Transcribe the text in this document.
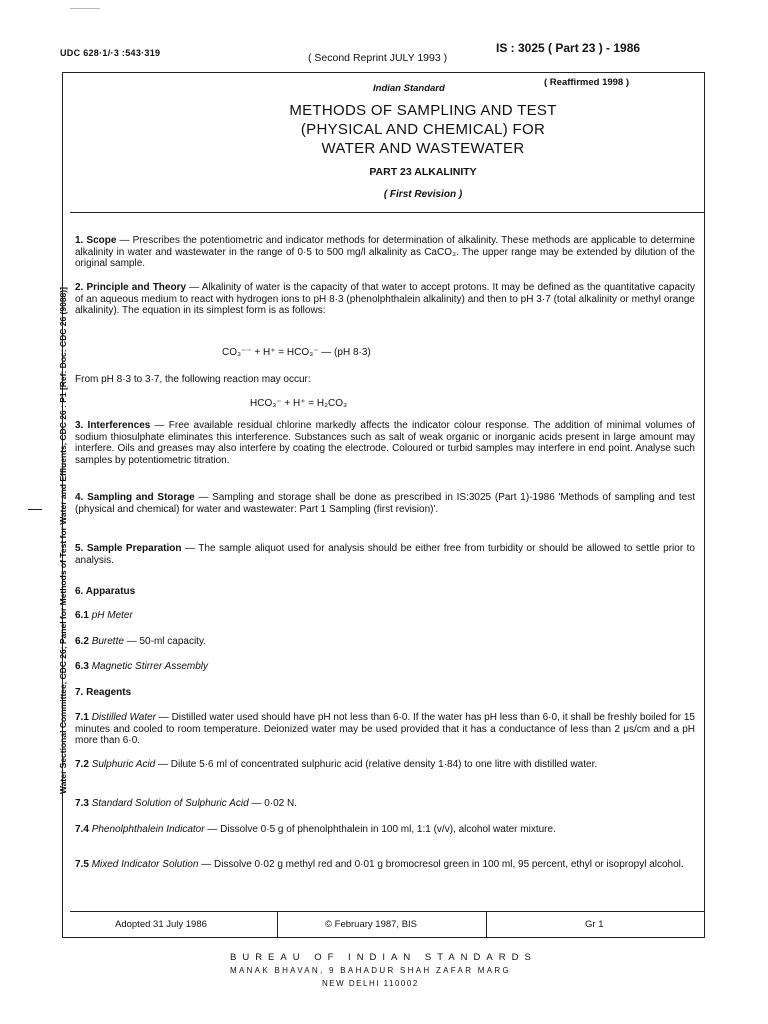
UDC 628·1/·3 :543·319	( Second Reprint JULY 1993 )
IS : 3025 ( Part 23 ) - 1986
Water Sectional Committee, CDC 26; Panel for Methods of Test for Water and Effluents, CDC 26 : P1 [Ref: Doc: CDC 26 (9088)]
Indian Standard
( Reaffirmed 1998 )
METHODS OF SAMPLING AND TEST
(PHYSICAL AND CHEMICAL) FOR
WATER AND WASTEWATER
PART 23 ALKALINITY
( First Revision )
1. Scope — Prescribes the potentiometric and indicator methods for determination of alkalinity. These methods are applicable to determine alkalinity in water and wastewater in the range of 0·5 to 500 mg/l alkalinity as CaCO₃. The upper range may be extended by dilution of the original sample.
2. Principle and Theory — Alkalinity of water is the capacity of that water to accept protons. It may be defined as the quantitative capacity of an aqueous medium to react with hydrogen ions to pH 8·3 (phenolphthalein alkalinity) and then to pH 3·7 (total alkalinity or methyl orange alkalinity). The equation in its simplest form is as follows:
CO₃⁻⁻ + H⁺ = HCO₃⁻ — (pH 8·3)
From pH 8·3 to 3·7, the following reaction may occur:
HCO₃⁻ + H⁺ = H₂CO₃
3. Interferences — Free available residual chlorine markedly affects the indicator colour response. The addition of minimal volumes of sodium thiosulphate eliminates this interference. Substances such as salt of weak organic or inorganic acids present in large amount may interfere. Oils and greases may also interfere by coating the electrode. Coloured or turbid samples may interfere in end point. Analyse such samples by potentiometric titration.
4. Sampling and Storage — Sampling and storage shall be done as prescribed in IS:3025 (Part 1)-1986 'Methods of sampling and test (physical and chemical) for water and wastewater: Part 1 Sampling (first revision)'.
5. Sample Preparation — The sample aliquot used for analysis should be either free from turbidity or should be allowed to settle prior to analysis.
6. Apparatus
6.1 pH Meter
6.2 Burette — 50-ml capacity.
6.3 Magnetic Stirrer Assembly
7. Reagents
7.1 Distilled Water — Distilled water used should have pH not less than 6·0. If the water has pH less than 6·0, it shall be freshly boiled for 15 minutes and cooled to room temperature. Deionized water may be used provided that it has a conductance of less than 2 μs/cm and a pH more than 6·0.
7.2 Sulphuric Acid — Dilute 5·6 ml of concentrated sulphuric acid (relative density 1·84) to one litre with distilled water.
7.3 Standard Solution of Sulphuric Acid — 0·02 N.
7.4 Phenolphthalein Indicator — Dissolve 0·5 g of phenolphthalein in 100 ml, 1:1 (v/v), alcohol water mixture.
7.5 Mixed Indicator Solution — Dissolve 0·02 g methyl red and 0·01 g bromocresol green in 100 ml, 95 percent, ethyl or isopropyl alcohol.
Adopted 31 July 1986	© February 1987, BIS	Gr 1
BUREAU OF INDIAN STANDARDS
MANAK BHAVAN, 9 BAHADUR SHAH ZAFAR MARG
NEW DELHI 110002
